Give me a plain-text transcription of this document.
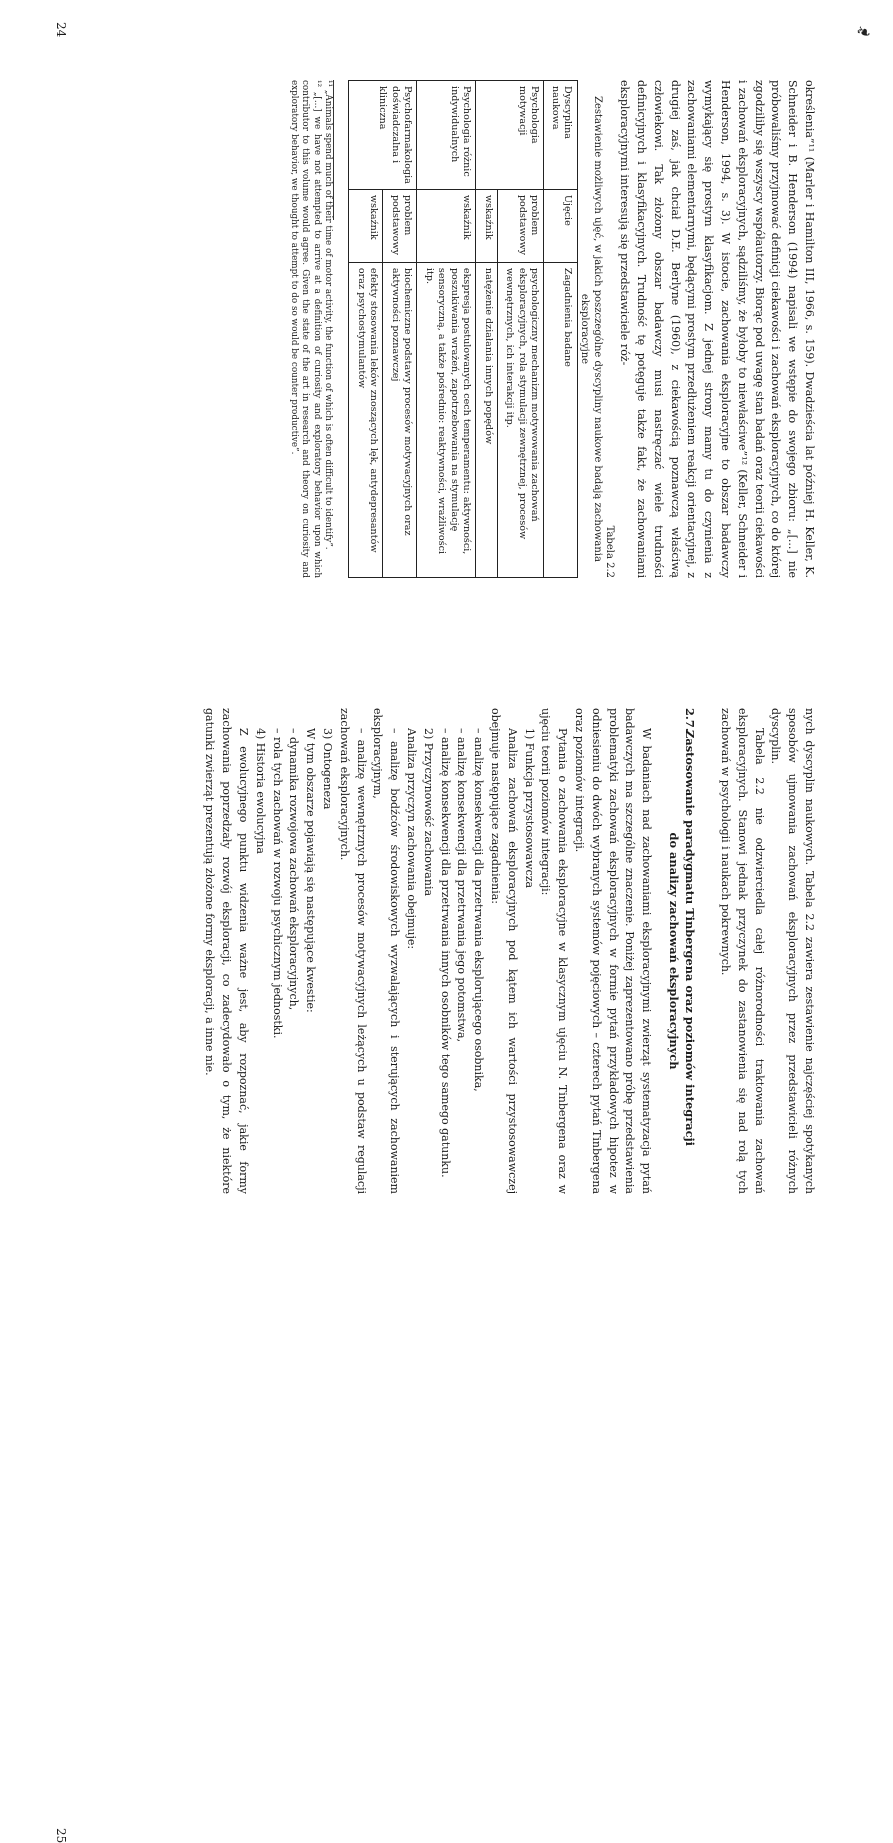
❧

określenia”¹¹ (Marler i Hamilton III, 1966, s. 159). Dwadzieścia lat później H. Keller, K. Schneider i B. Henderson (1994) napisali we wstępie do swojego zbioru: „[...] nie próbowaliśmy przyjmować definicji ciekawości i zachowań eksploracyjnych, co do której zgodziliby się wszyscy współautorzy. Biorąc pod uwagę stan badań oraz teorii ciekawości i zachowań eksploracyjnych, sądziliśmy, że byłoby to niewłaściwe”¹² (Keller, Schneider i Henderson, 1994, s. 3). W istocie, zachowania eksploracyjne to obszar badawczy wymykający się prostym klasyfikacjom. Z jednej strony mamy tu do czynienia z zachowaniami elementarnymi, będącymi prostym przedłużeniem reakcji orientacyjnej, z drugiej zaś, jak chciał D.E. Berlyne (1960), z ciekawością poznawczą właściwą człowiekowi. Tak złożony obszar badawczy musi nastręczać wiele trudności definicyjnych i klasyfikacyjnych. Trudność tę potęguje także fakt, że zachowaniami eksploracyjnymi interesują się przedstawiciele róż-

Tabela 2.2

Zestawienie możliwych ujęć, w jakich poszczególne dyscypliny naukowe badają zachowania eksploracyjne

Dyscyplina naukowa	Ujęcie	Zagadnienia badane
Psychologia motywacji	problem podstawowy	psychologiczny mechanizm motywowania zachowań eksploracyjnych, rola stymulacji zewnętrznej, procesów wewnętrznych, ich interakcji itp.
	wskaźnik	natężenie działania innych popędów
Psychologia różnic indywidualnych	wskaźnik	ekspresja postulowanych cech temperamentu: aktywności, poszukiwania wrażeń, zapotrzebowania na stymulację sensoryczną, a także pośrednio: reaktywności, wrażliwości itp.
Psychofarmakologia doświadczalna i kliniczna	problem podstawowy	biochemiczne podstawy procesów motywacyjnych oraz aktywności poznawczej
	wskaźnik	efekty stosowania leków znoszących lęk, antydepresantów oraz psychostymulantów

¹¹ „Animals spend much of their time of motor activity, the function of which is often difficult to identify”.

¹² „[...] we have not attempted to arrive at a definition of curiosity and exploratory behavior upon which contributor to this volume would agree. Given the state of the art in research and theory on curiosity and exploratory behavior, we thought to attempt to do so would be counter productive”.

24

nych dyscyplin naukowych. Tabela 2.2 zawiera zestawienie najczęściej spotykanych sposobów ujmowania zachowań eksploracyjnych przez przedstawicieli różnych dyscyplin.

Tabela 2.2 nie odzwierciedla całej różnorodności traktowania zachowań eksploracyjnych. Stanowi jednak przyczynek do zastanowienia się nad rolą tych zachowań w psychologii i naukach pokrewnych.

2.7.Zastosowanie paradygmatu Tinbergena oraz poziomów integracji
do analizy zachowań eksploracyjnych

W badaniach nad zachowaniami eksploracyjnymi zwierząt systematyzacja pytań badawczych ma szczególne znaczenie. Poniżej zaprezentowano próbę przedstawienia problematyki zachowań eksploracyjnych w formie pytań przykładowych hipotez w odniesieniu do dwóch wybranych systemów pojęciowych – czterech pytań Tinbergena oraz poziomów integracji.

Pytania o zachowania eksploracyjne w klasycznym ujęciu N. Tinbergena oraz w ujęciu teorii poziomów integracji:

1) Funkcja przystosowawcza

Analiza zachowań eksploracyjnych pod kątem ich wartości przystosowawczej obejmuje następujące zagadnienia:

– analizę konsekwencji dla przetrwania eksplorującego osobnika,

– analizę konsekwencji dla przetrwania jego potomstwa,

– analizę konsekwencji dla przetrwania innych osobników tego samego gatunku.

2) Przyczynowość zachowania

Analiza przyczyn zachowania obejmuje:

– analizę bodźców środowiskowych wyzwalających i sterujących zachowaniem eksploracyjnym,

– analizę wewnętrznych procesów motywacyjnych leżących u podstaw regulacji zachowań eksploracyjnych.

3) Ontogeneza

W tym obszarze pojawiają się następujące kwestie:

– dynamika rozwojowa zachowań eksploracyjnych,

– rola tych zachowań w rozwoju psychicznym jednostki.

4) Historia ewolucyjna

Z ewolucyjnego punktu widzenia ważne jest, aby rozpoznać, jakie formy zachowania poprzedzały rozwój eksploracji, co zadecydowało o tym, że niektóre gatunki zwierząt prezentują złożone formy eksploracji, a inne nie.

25
